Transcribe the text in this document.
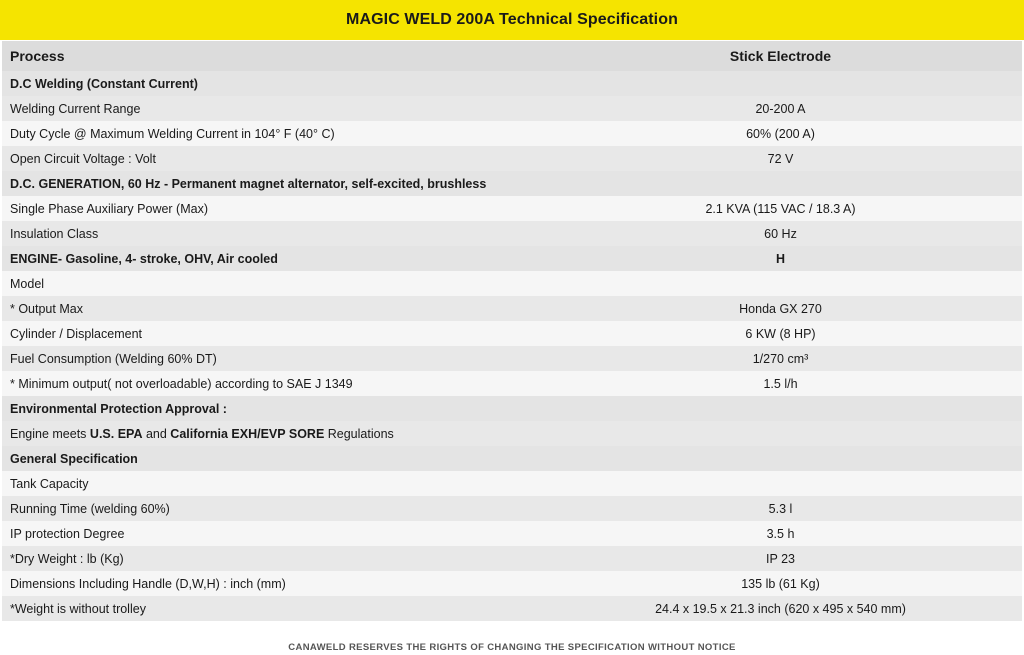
MAGIC WELD 200A Technical Specification
Process	Stick Electrode
D.C Welding (Constant Current)	
Welding Current Range	20-200 A
Duty Cycle @ Maximum Welding Current in 104° F (40° C)	60% (200 A)
Open Circuit Voltage : Volt	72 V
D.C. GENERATION, 60 Hz - Permanent magnet alternator, self-excited, brushless	
Single Phase Auxiliary Power (Max)	2.1 KVA (115 VAC / 18.3 A)
Insulation Class	60 Hz
ENGINE- Gasoline, 4- stroke, OHV, Air cooled	H
Model	
* Output Max	Honda GX 270
Cylinder / Displacement	6 KW (8 HP)
Fuel Consumption (Welding 60% DT)	1/270 cm³
* Minimum output( not overloadable) according to SAE J 1349	1.5 l/h
Environmental Protection Approval :	
Engine meets U.S. EPA and California EXH/EVP SORE Regulations	
General Specification	
Tank Capacity	
Running Time (welding 60%)	5.3 l
IP protection Degree	3.5 h
*Dry Weight : lb (Kg)	IP 23
Dimensions Including Handle (D,W,H) : inch (mm)	135 lb (61 Kg)
*Weight is without trolley	24.4 x 19.5 x 21.3 inch (620 x 495 x 540 mm)
CANAWELD RESERVES THE RIGHTS OF CHANGING THE SPECIFICATION WITHOUT NOTICE
